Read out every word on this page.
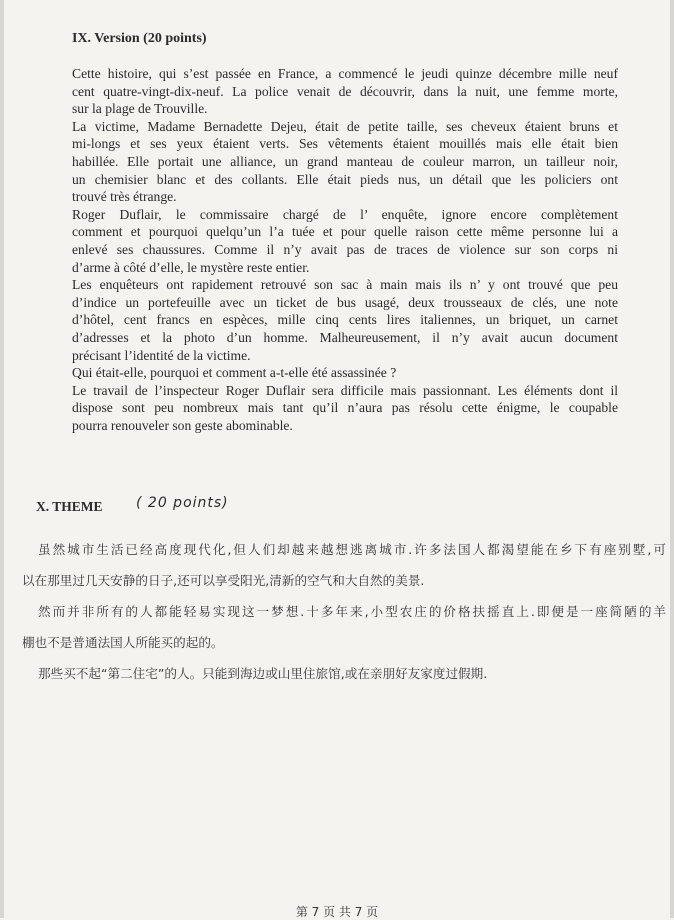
IX. Version (20 points)
Cette histoire, qui s’est passée en France, a commencé le jeudi quinze décembre mille neuf
cent quatre-vingt-dix-neuf. La police venait de découvrir, dans la nuit, une femme morte,
sur la plage de Trouville.
La victime, Madame Bernadette Dejeu, était de petite taille, ses cheveux étaient bruns et
mi-longs et ses yeux étaient verts. Ses vêtements étaient mouillés mais elle était bien
habillée. Elle portait une alliance, un grand manteau de couleur marron, un tailleur noir,
un chemisier blanc et des collants. Elle était pieds nus, un détail que les policiers ont
trouvé très étrange.
Roger Duflair, le commissaire chargé de l’ enquête, ignore encore complètement
comment et pourquoi quelqu’un l’a tuée et pour quelle raison cette même personne lui a
enlevé ses chaussures. Comme il n’y avait pas de traces de violence sur son corps ni
d’arme à côté d’elle, le mystère reste entier.
Les enquêteurs ont rapidement retrouvé son sac à main mais ils n’ y ont trouvé que peu
d’indice un portefeuille avec un ticket de bus usagé, deux trousseaux de clés, une note
d’hôtel, cent francs en espèces, mille cinq cents lires italiennes, un briquet, un carnet
d’adresses et la photo d’un homme. Malheureusement, il n’y avait aucun document
précisant l’identité de la victime.
Qui était-elle, pourquoi et comment a-t-elle été assassinée ?
Le travail de l’inspecteur Roger Duflair sera difficile mais passionnant. Les éléments dont il
dispose sont peu nombreux mais tant qu’il n’aura pas résolu cette énigme, le coupable
pourra renouveler son geste abominable.
X. THEME ( 20 points)
虽然城市生活已经高度现代化,但人们却越来越想逃离城市.许多法国人都渴望能在乡下有座别墅,可
以在那里过几天安静的日子,还可以享受阳光,清新的空气和大自然的美景.
然而并非所有的人都能轻易实现这一梦想.十多年来,小型农庄的价格扶摇直上.即便是一座简陋的羊
棚也不是普通法国人所能买的起的。
那些买不起“第二住宅”的人。只能到海边或山里住旅馆,或在亲朋好友家度过假期.
第 7 页 共 7 页
